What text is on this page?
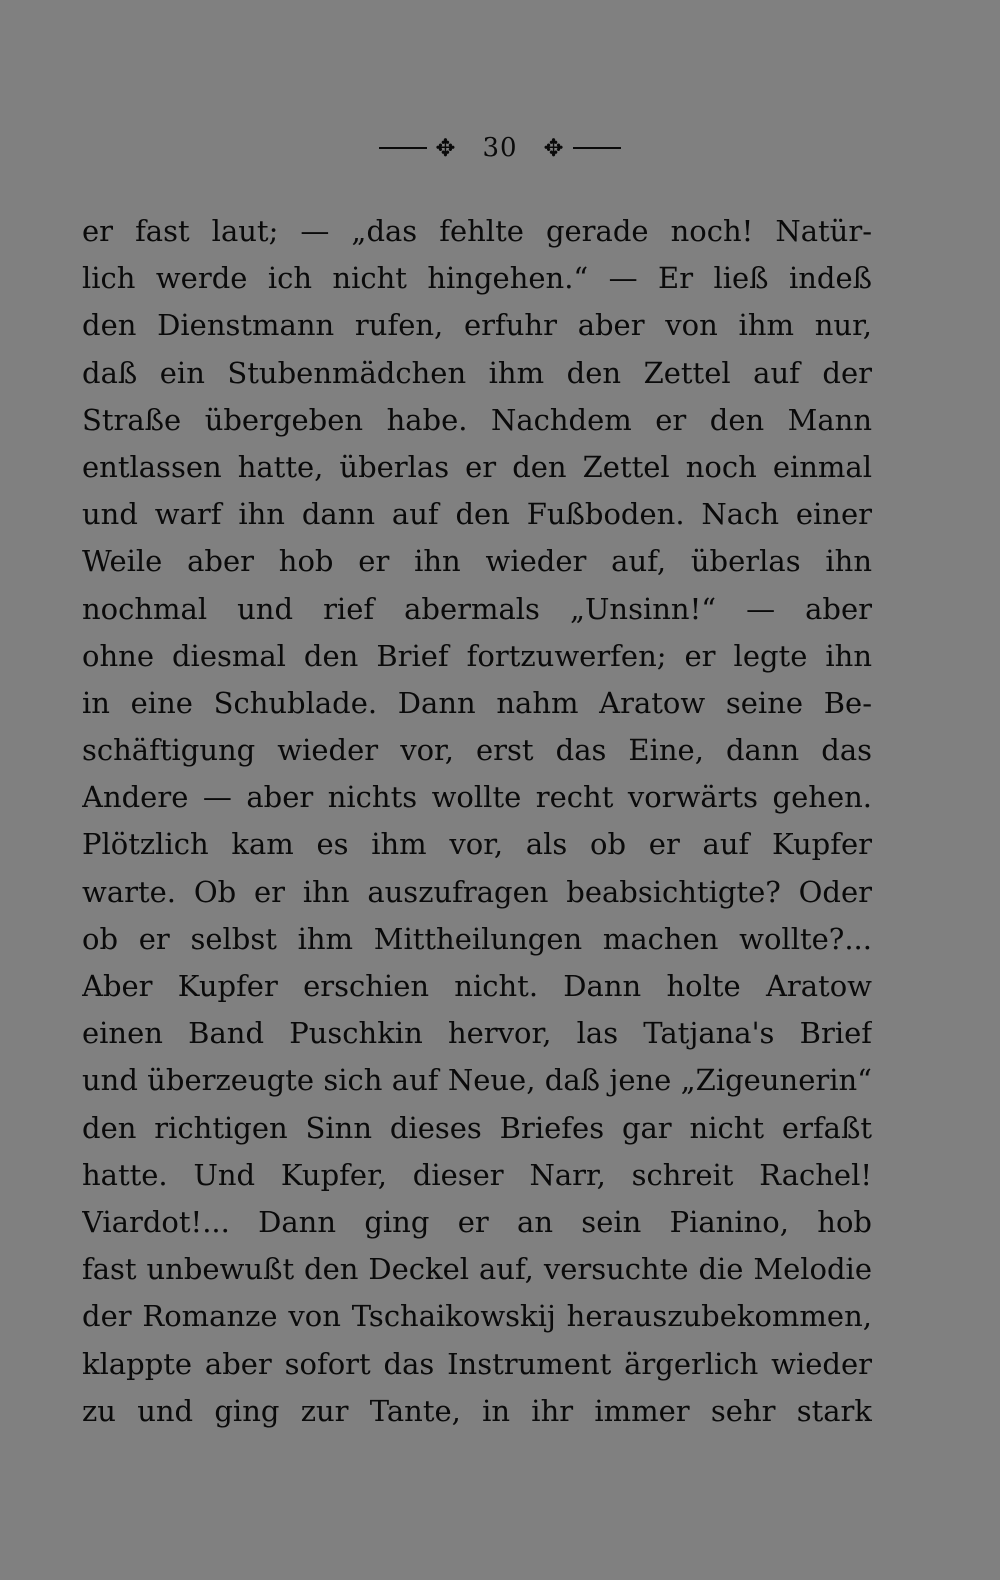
✥ 30 ✥
er fast laut; — „das fehlte gerade noch! Natür-
lich werde ich nicht hingehen.“ — Er ließ indeß
den Dienstmann rufen, erfuhr aber von ihm nur,
daß ein Stubenmädchen ihm den Zettel auf der
Straße übergeben habe. Nachdem er den Mann
entlassen hatte, überlas er den Zettel noch einmal
und warf ihn dann auf den Fußboden. Nach einer
Weile aber hob er ihn wieder auf, überlas ihn
nochmal und rief abermals „Unsinn!“ — aber
ohne diesmal den Brief fortzuwerfen; er legte ihn
in eine Schublade. Dann nahm Aratow seine Be-
schäftigung wieder vor, erst das Eine, dann das
Andere — aber nichts wollte recht vorwärts gehen.
Plötzlich kam es ihm vor, als ob er auf Kupfer
warte. Ob er ihn auszufragen beabsichtigte? Oder
ob er selbst ihm Mittheilungen machen wollte?...
Aber Kupfer erschien nicht. Dann holte Aratow
einen Band Puschkin hervor, las Tatjana's Brief
und überzeugte sich auf Neue, daß jene „Zigeunerin“
den richtigen Sinn dieses Briefes gar nicht erfaßt
hatte. Und Kupfer, dieser Narr, schreit Rachel!
Viardot!... Dann ging er an sein Pianino, hob
fast unbewußt den Deckel auf, versuchte die Melodie
der Romanze von Tschaikowskij herauszubekommen,
klappte aber sofort das Instrument ärgerlich wieder
zu und ging zur Tante, in ihr immer sehr stark
